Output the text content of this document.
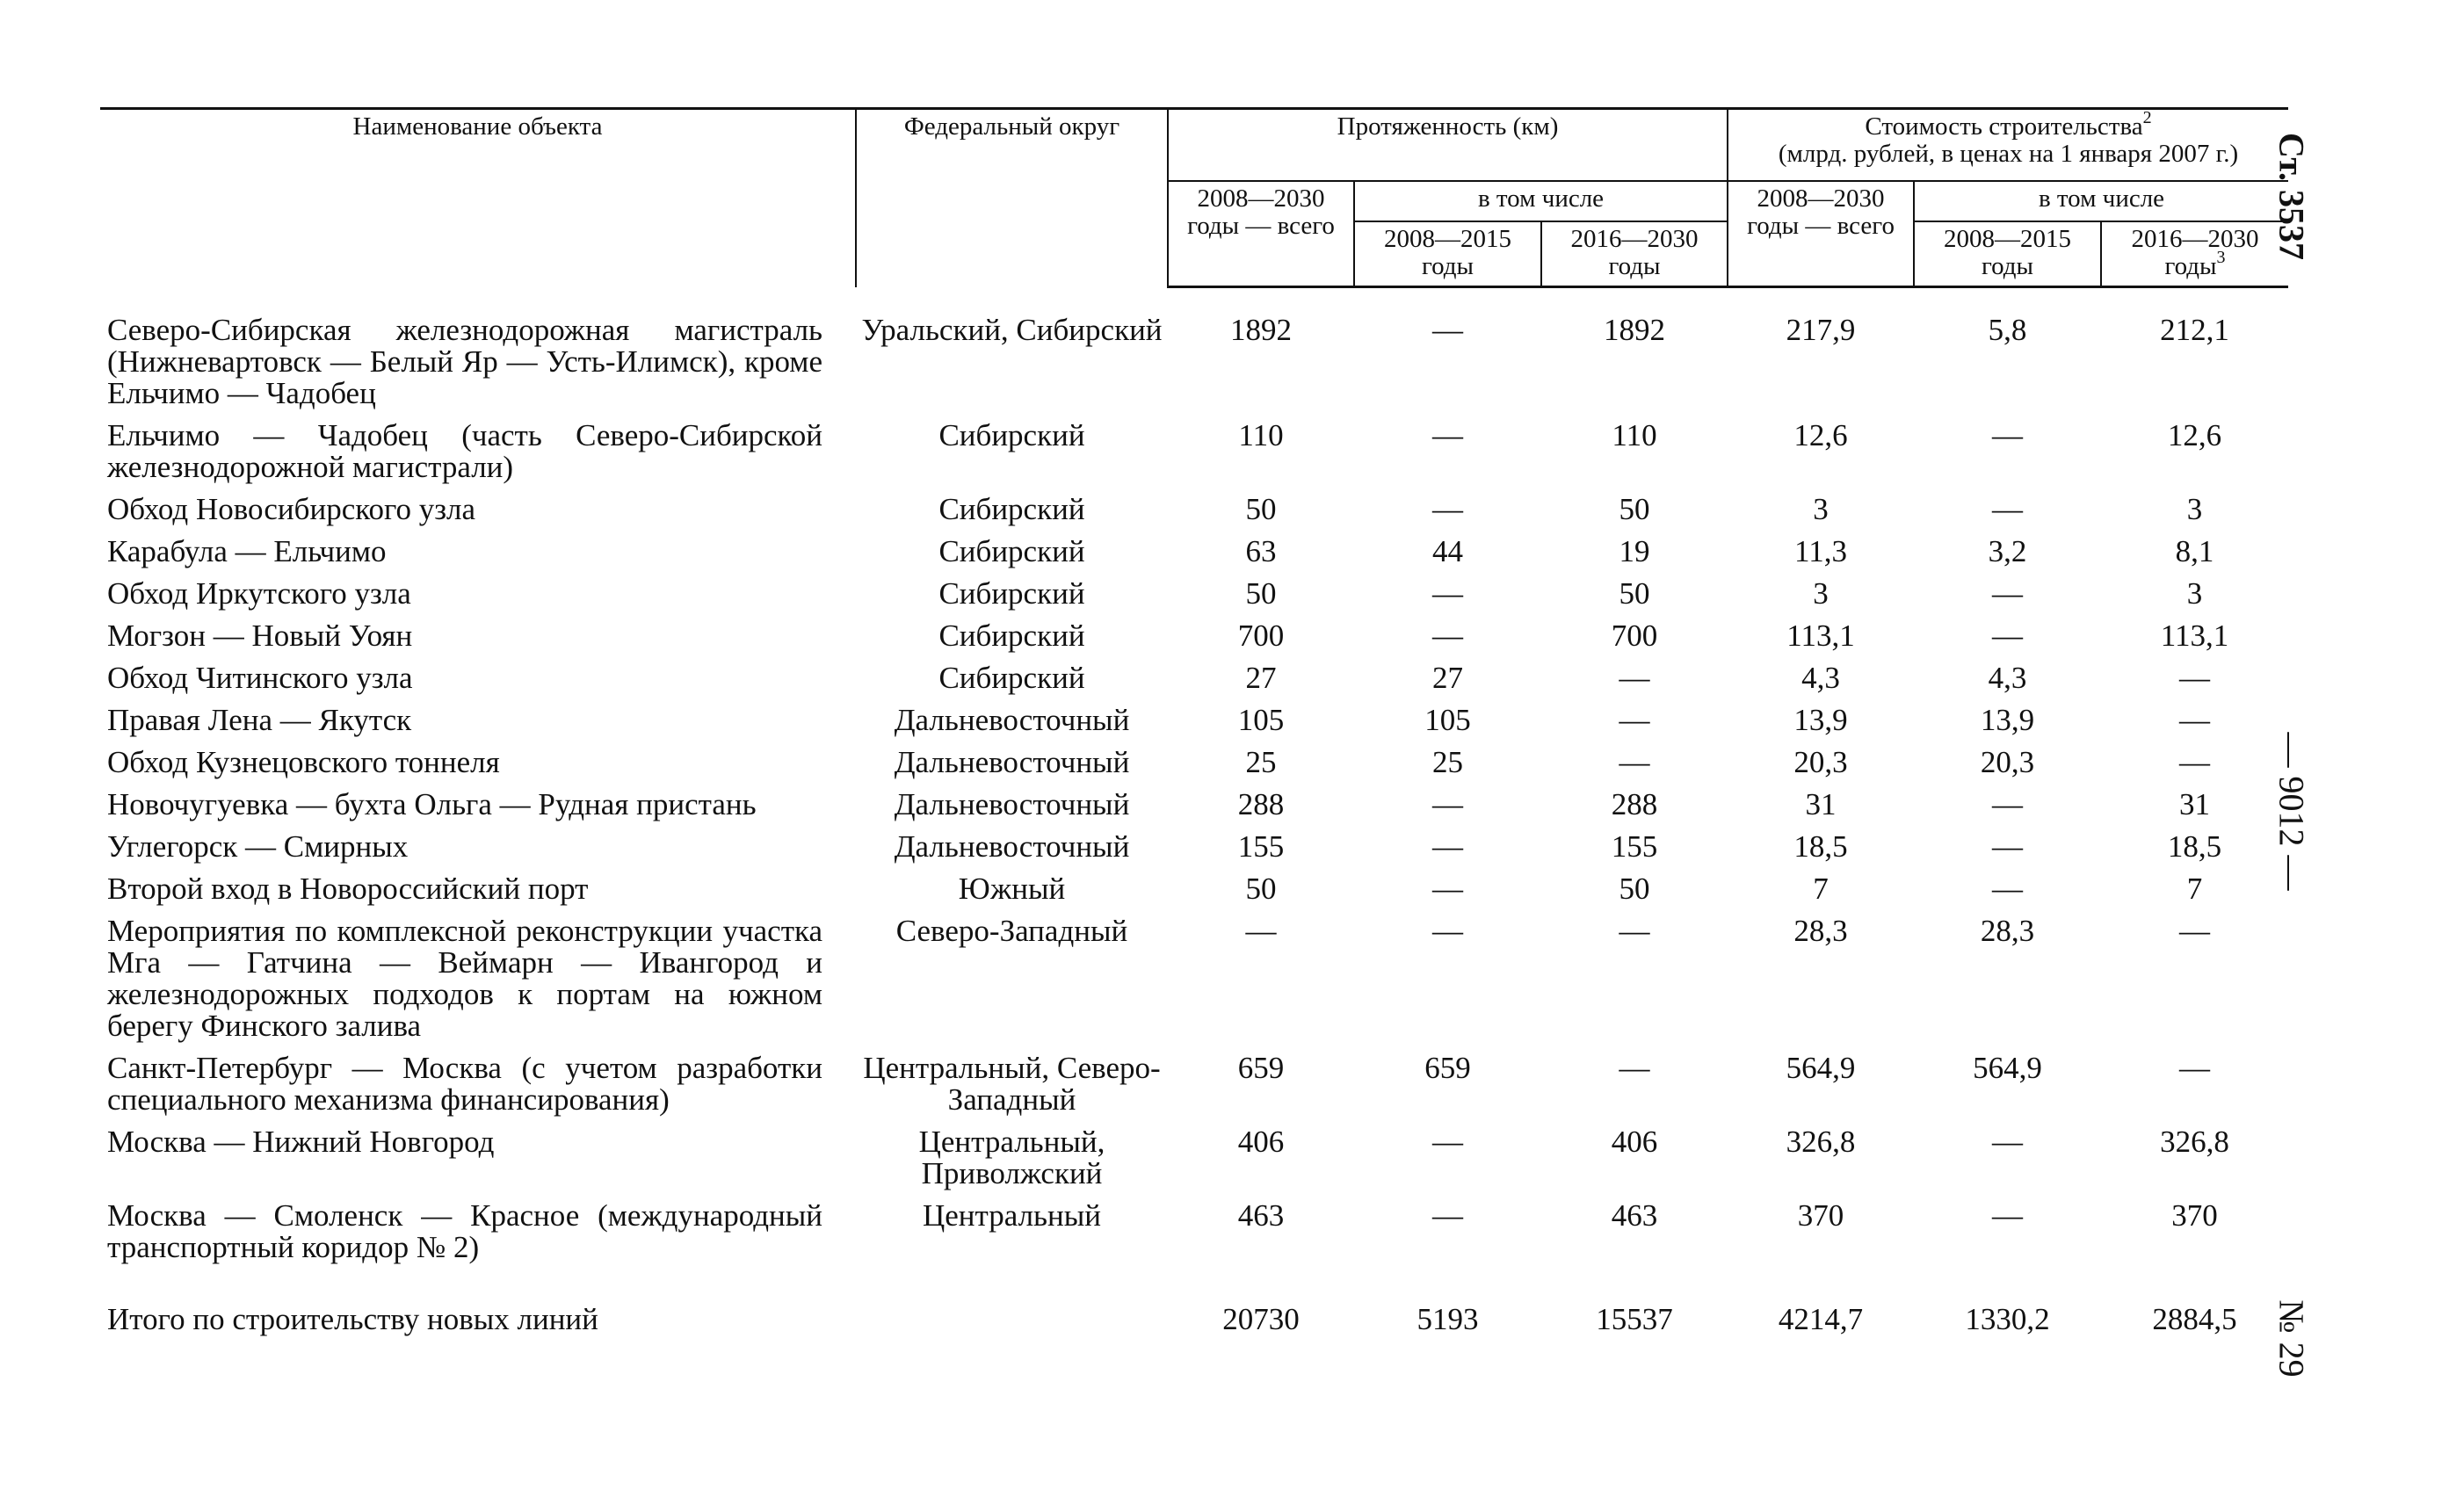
Наименование объекта	Федеральный округ	Протяженность (км)			Стоимость строительства$^2$
(млрд. рублей, в ценах на 1 января 2007 г.)		
		2008—2030 годы — всего	в том числе		2008—2030 годы — всего	в том числе	
			2008—2015 годы	2016—2030 годы		2008—2015 годы	2016—2030 годы$^3$

Северо-Сибирская железнодорожная магистраль (Нижневартовск — Белый Яр — Усть-Илимск), кроме Ельчимо — Чадобец	Уральский, Сибирский	1892	—	1892	217,9	5,8	212,1
Ельчимо — Чадобец (часть Северо-Сибирской железнодорожной магистрали)	Сибирский	110	—	110	12,6	—	12,6
Обход Новосибирского узла	Сибирский	50	—	50	3	—	3
Карабула — Ельчимо	Сибирский	63	44	19	11,3	3,2	8,1
Обход Иркутского узла	Сибирский	50	—	50	3	—	3
Могзон — Новый Уоян	Сибирский	700	—	700	113,1	—	113,1
Обход Читинского узла	Сибирский	27	27	—	4,3	4,3	—
Правая Лена — Якутск	Дальневосточный	105	105	—	13,9	13,9	—
Обход Кузнецовского тоннеля	Дальневосточный	25	25	—	20,3	20,3	—
Новочугуевка — бухта Ольга — Рудная пристань	Дальневосточный	288	—	288	31	—	31
Углегорск — Смирных	Дальневосточный	155	—	155	18,5	—	18,5
Второй вход в Новороссийский порт	Южный	50	—	50	7	—	7
Мероприятия по комплексной реконструкции участка Мга — Гатчина — Веймарн — Ивангород и железнодорожных подходов к портам на южном берегу Финского залива	Северо-Западный	—	—	—	28,3	28,3	—
Санкт-Петербург — Москва (с учетом разработки специального механизма финансирования)	Центральный, Северо-Западный	659	659	—	564,9	564,9	—
Москва — Нижний Новгород	Центральный, Приволжский	406	—	406	326,8	—	326,8
Москва — Смоленск — Красное (международный транспортный коридор № 2)	Центральный	463	—	463	370	—	370

Итого по строительству новых линий		20730	5193	15537	4214,7	1330,2	2884,5
Ст. 3537
— 9012 —
№ 29
